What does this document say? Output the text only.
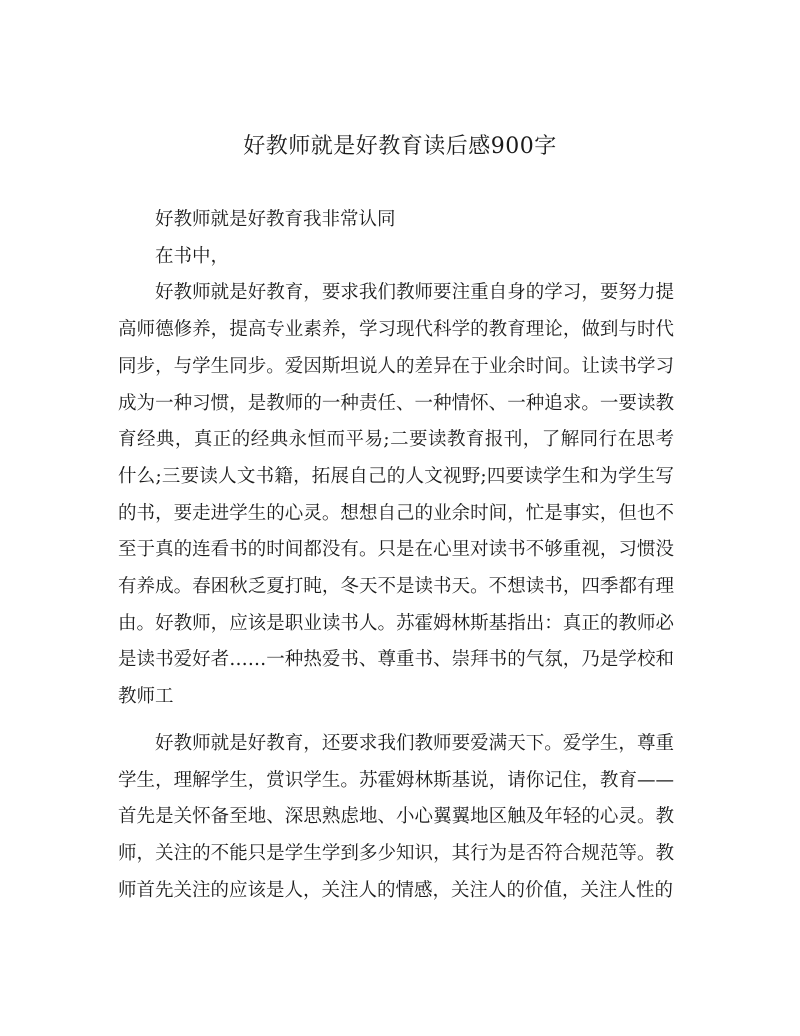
好教师就是好教育读后感900字

好教师就是好教育我非常认同

在书中，

好教师就是好教育，要求我们教师要注重自身的学习，要努力提高师德修养，提高专业素养，学习现代科学的教育理论，做到与时代同步，与学生同步。爱因斯坦说人的差异在于业余时间。让读书学习成为一种习惯，是教师的一种责任、一种情怀、一种追求。一要读教育经典，真正的经典永恒而平易;二要读教育报刊，了解同行在思考什么;三要读人文书籍，拓展自己的人文视野;四要读学生和为学生写的书，要走进学生的心灵。想想自己的业余时间，忙是事实，但也不至于真的连看书的时间都没有。只是在心里对读书不够重视，习惯没有养成。春困秋乏夏打盹，冬天不是读书天。不想读书，四季都有理由。好教师，应该是职业读书人。苏霍姆林斯基指出：真正的教师必是读书爱好者……一种热爱书、尊重书、崇拜书的气氛，乃是学校和教师工

好教师就是好教育，还要求我们教师要爱满天下。爱学生，尊重学生，理解学生，赏识学生。苏霍姆林斯基说，请你记住，教育——首先是关怀备至地、深思熟虑地、小心翼翼地区触及年轻的心灵。教师，关注的不能只是学生学到多少知识，其行为是否符合规范等。教师首先关注的应该是人，关注人的情感，关注人的价值，关注人性的
